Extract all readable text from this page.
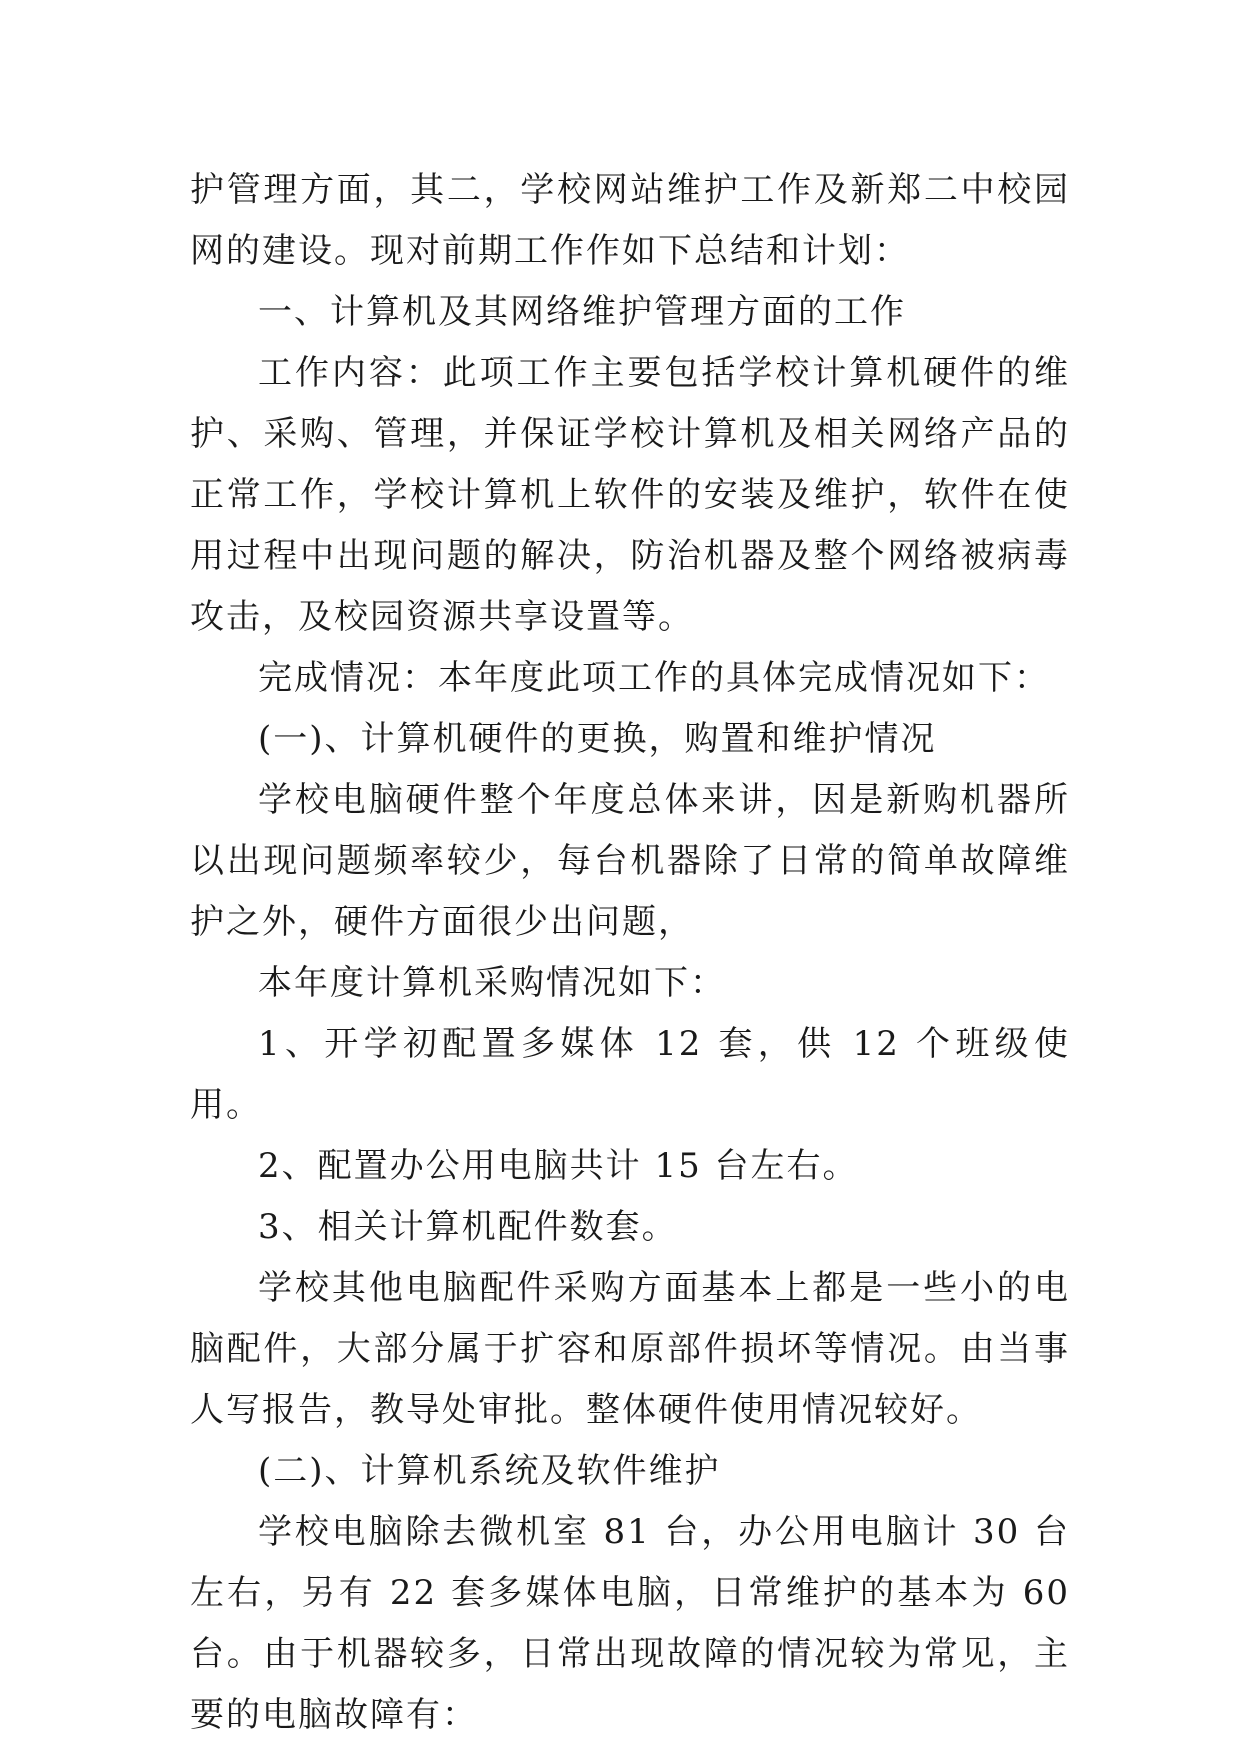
护管理方面，其二，学校网站维护工作及新郑二中校园网的建设。现对前期工作作如下总结和计划：

一、计算机及其网络维护管理方面的工作

工作内容：此项工作主要包括学校计算机硬件的维护、采购、管理，并保证学校计算机及相关网络产品的正常工作，学校计算机上软件的安装及维护，软件在使用过程中出现问题的解决，防治机器及整个网络被病毒攻击，及校园资源共享设置等。

完成情况：本年度此项工作的具体完成情况如下：

(一)、计算机硬件的更换，购置和维护情况

学校电脑硬件整个年度总体来讲，因是新购机器所以出现问题频率较少，每台机器除了日常的简单故障维护之外，硬件方面很少出问题，

本年度计算机采购情况如下：

1、开学初配置多媒体 12 套，供 12 个班级使用。

2、配置办公用电脑共计 15 台左右。

3、相关计算机配件数套。

学校其他电脑配件采购方面基本上都是一些小的电脑配件，大部分属于扩容和原部件损坏等情况。由当事人写报告，教导处审批。整体硬件使用情况较好。

(二)、计算机系统及软件维护

学校电脑除去微机室 81 台，办公用电脑计 30 台左右，另有 22 套多媒体电脑，日常维护的基本为 60 台。由于机器较多，日常出现故障的情况较为常见，主要的电脑故障有：
